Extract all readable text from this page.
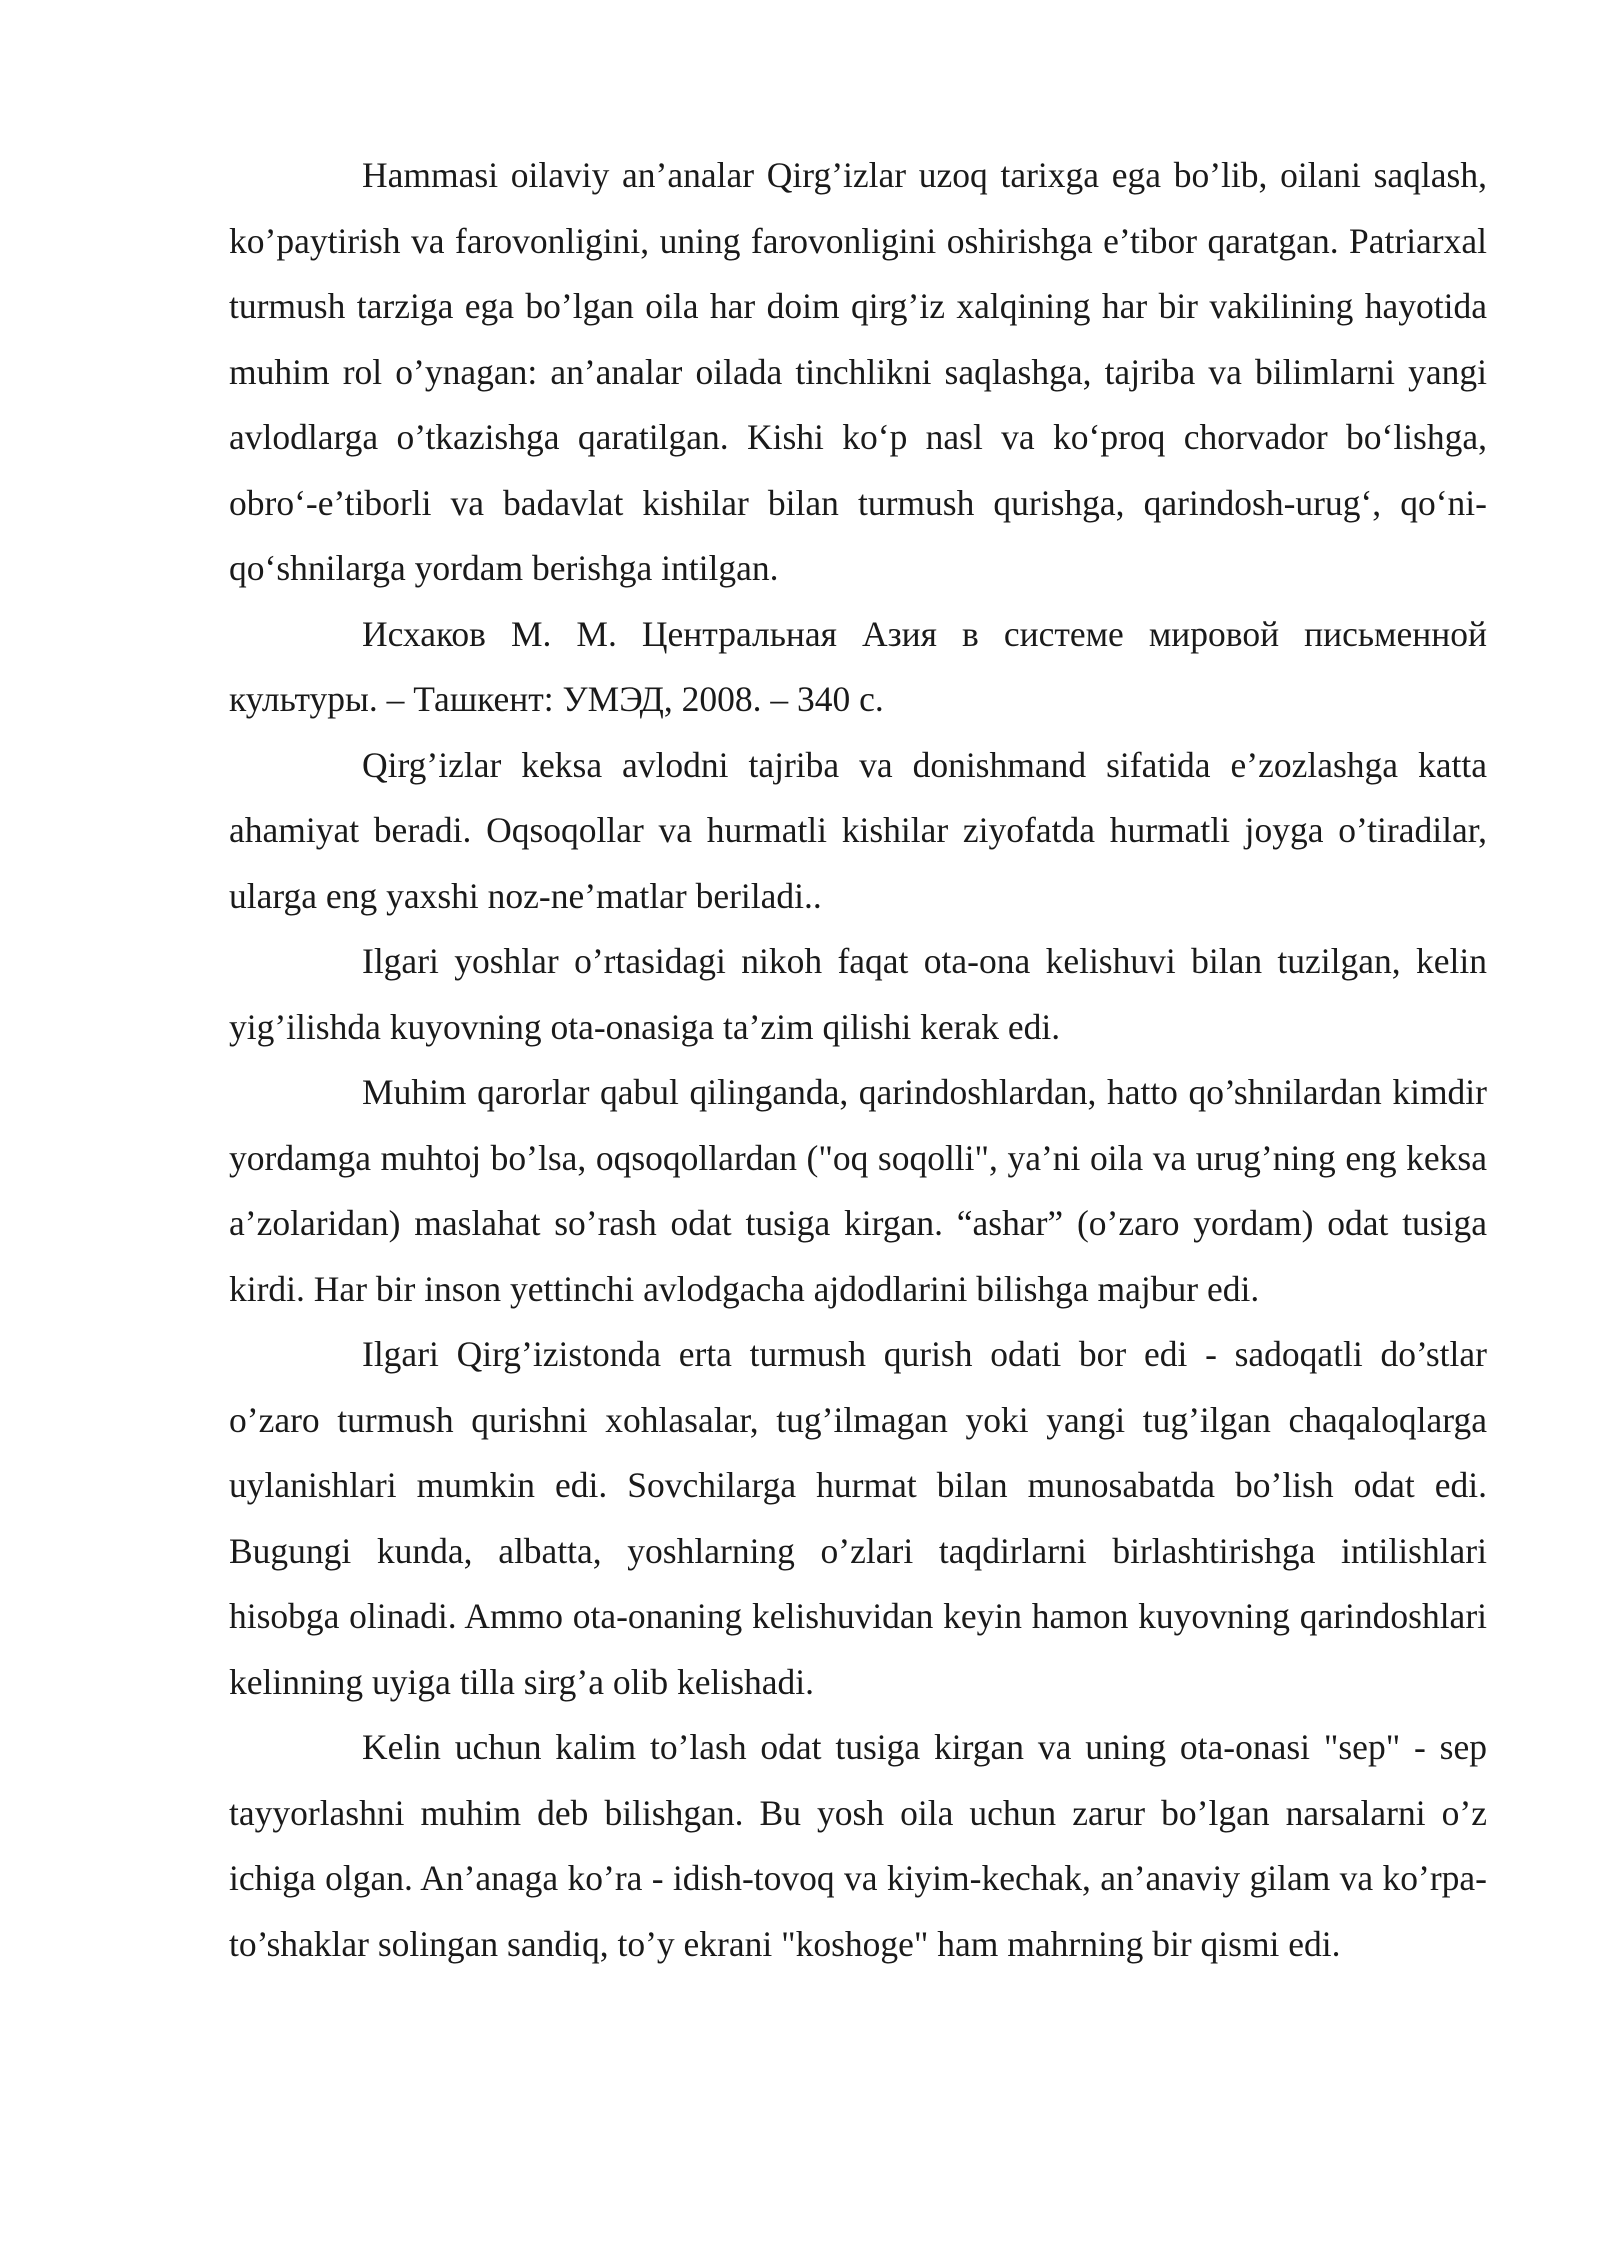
Hammasi oilaviy an’analar Qirg’izlar uzoq tarixga ega bo’lib, oilani saqlash, ko’paytirish va farovonligini, uning farovonligini oshirishga e’tibor qaratgan. Patriarxal turmush tarziga ega bo’lgan oila har doim qirg’iz xalqining har bir vakilining hayotida muhim rol o’ynagan: an’analar oilada tinchlikni saqlashga, tajriba va bilimlarni yangi avlodlarga o’tkazishga qaratilgan. Kishi ko‘p nasl va ko‘proq chorvador bo‘lishga, obro‘-e’tiborli va badavlat kishilar bilan turmush qurishga, qarindosh-urug‘, qo‘ni-qo‘shnilarga yordam berishga intilgan.

Исхаков М. М. Центральная Азия в системе мировой письменной культуры. – Ташкент: УМЭД, 2008. – 340 с.

Qirg’izlar keksa avlodni tajriba va donishmand sifatida e’zozlashga katta ahamiyat beradi. Oqsoqollar va hurmatli kishilar ziyofatda hurmatli joyga o’tiradilar, ularga eng yaxshi noz-ne’matlar beriladi..

Ilgari yoshlar o’rtasidagi nikoh faqat ota-ona kelishuvi bilan tuzilgan, kelin yig’ilishda kuyovning ota-onasiga ta’zim qilishi kerak edi.

Muhim qarorlar qabul qilinganda, qarindoshlardan, hatto qo’shnilardan kimdir yordamga muhtoj bo’lsa, oqsoqollardan ("oq soqolli", ya’ni oila va urug’ning eng keksa a’zolaridan) maslahat so’rash odat tusiga kirgan. “ashar” (o’zaro yordam) odat tusiga kirdi. Har bir inson yettinchi avlodgacha ajdodlarini bilishga majbur edi.

Ilgari Qirg’izistonda erta turmush qurish odati bor edi - sadoqatli do’stlar o’zaro turmush qurishni xohlasalar, tug’ilmagan yoki yangi tug’ilgan chaqaloqlarga uylanishlari mumkin edi. Sovchilarga hurmat bilan munosabatda bo’lish odat edi. Bugungi kunda, albatta, yoshlarning o’zlari taqdirlarni birlashtirishga intilishlari hisobga olinadi. Ammo ota-onaning kelishuvidan keyin hamon kuyovning qarindoshlari kelinning uyiga tilla sirg’a olib kelishadi.

Kelin uchun kalim to’lash odat tusiga kirgan va uning ota-onasi "sep" - sep tayyorlashni muhim deb bilishgan. Bu yosh oila uchun zarur bo’lgan narsalarni o’z ichiga olgan. An’anaga ko’ra - idish-tovoq va kiyim-kechak, an’anaviy gilam va ko’rpa-to’shaklar solingan sandiq, to’y ekrani "koshoge" ham mahrning bir qismi edi.
